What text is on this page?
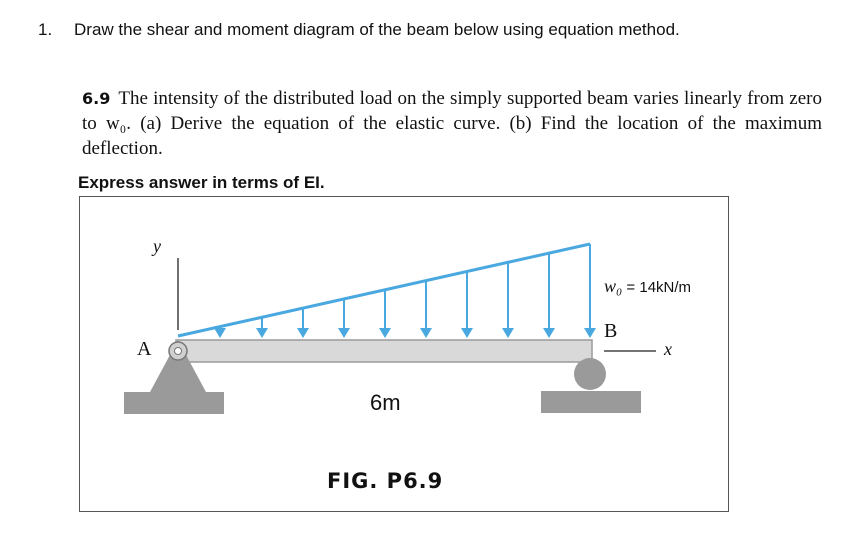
1. Draw the shear and moment diagram of the beam below using equation method.
6.9 The intensity of the distributed load on the simply supported beam varies linearly from zero to w₀. (a) Derive the equation of the elastic curve. (b) Find the location of the maximum deflection.
Express answer in terms of EI.
y
A
w₀ = 14kN/m
B
x
6m
FIG. P6.9
